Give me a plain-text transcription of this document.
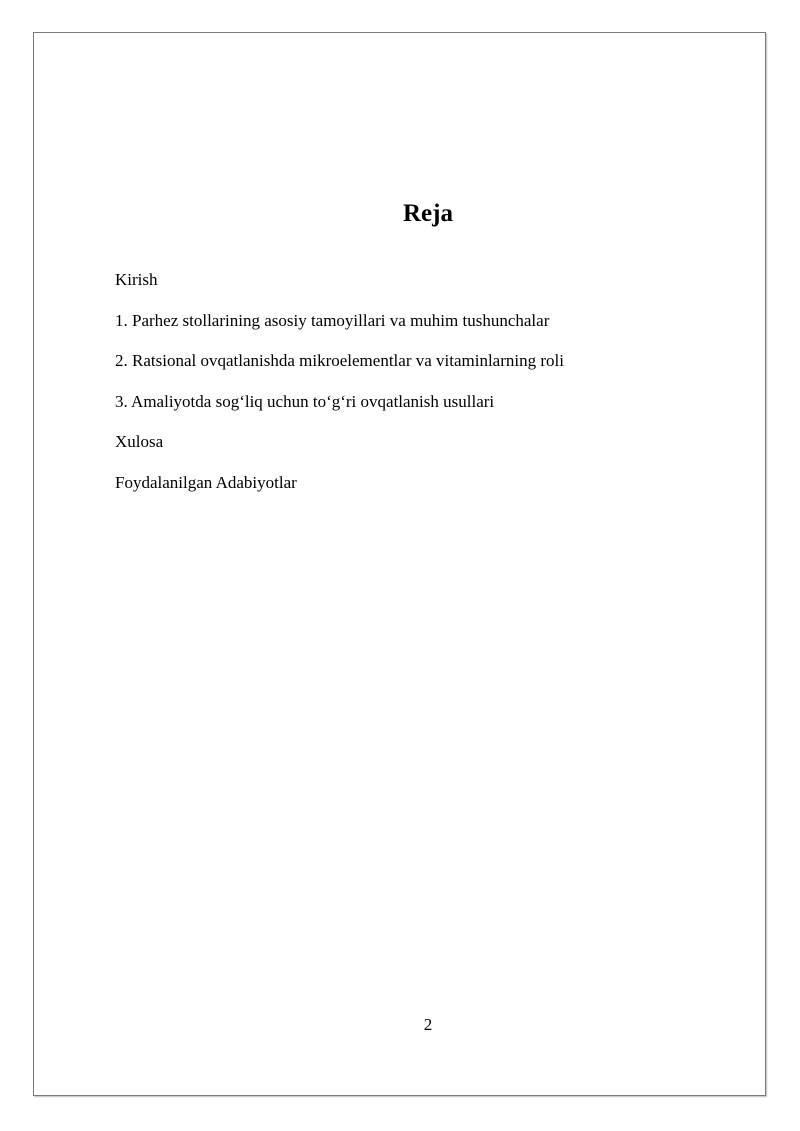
Reja
Kirish
1. Parhez stollarining asosiy tamoyillari va muhim tushunchalar
2. Ratsional ovqatlanishda mikroelementlar va vitaminlarning roli
3. Amaliyotda sog‘liq uchun to‘g‘ri ovqatlanish usullari
Xulosa
Foydalanilgan Adabiyotlar
2
